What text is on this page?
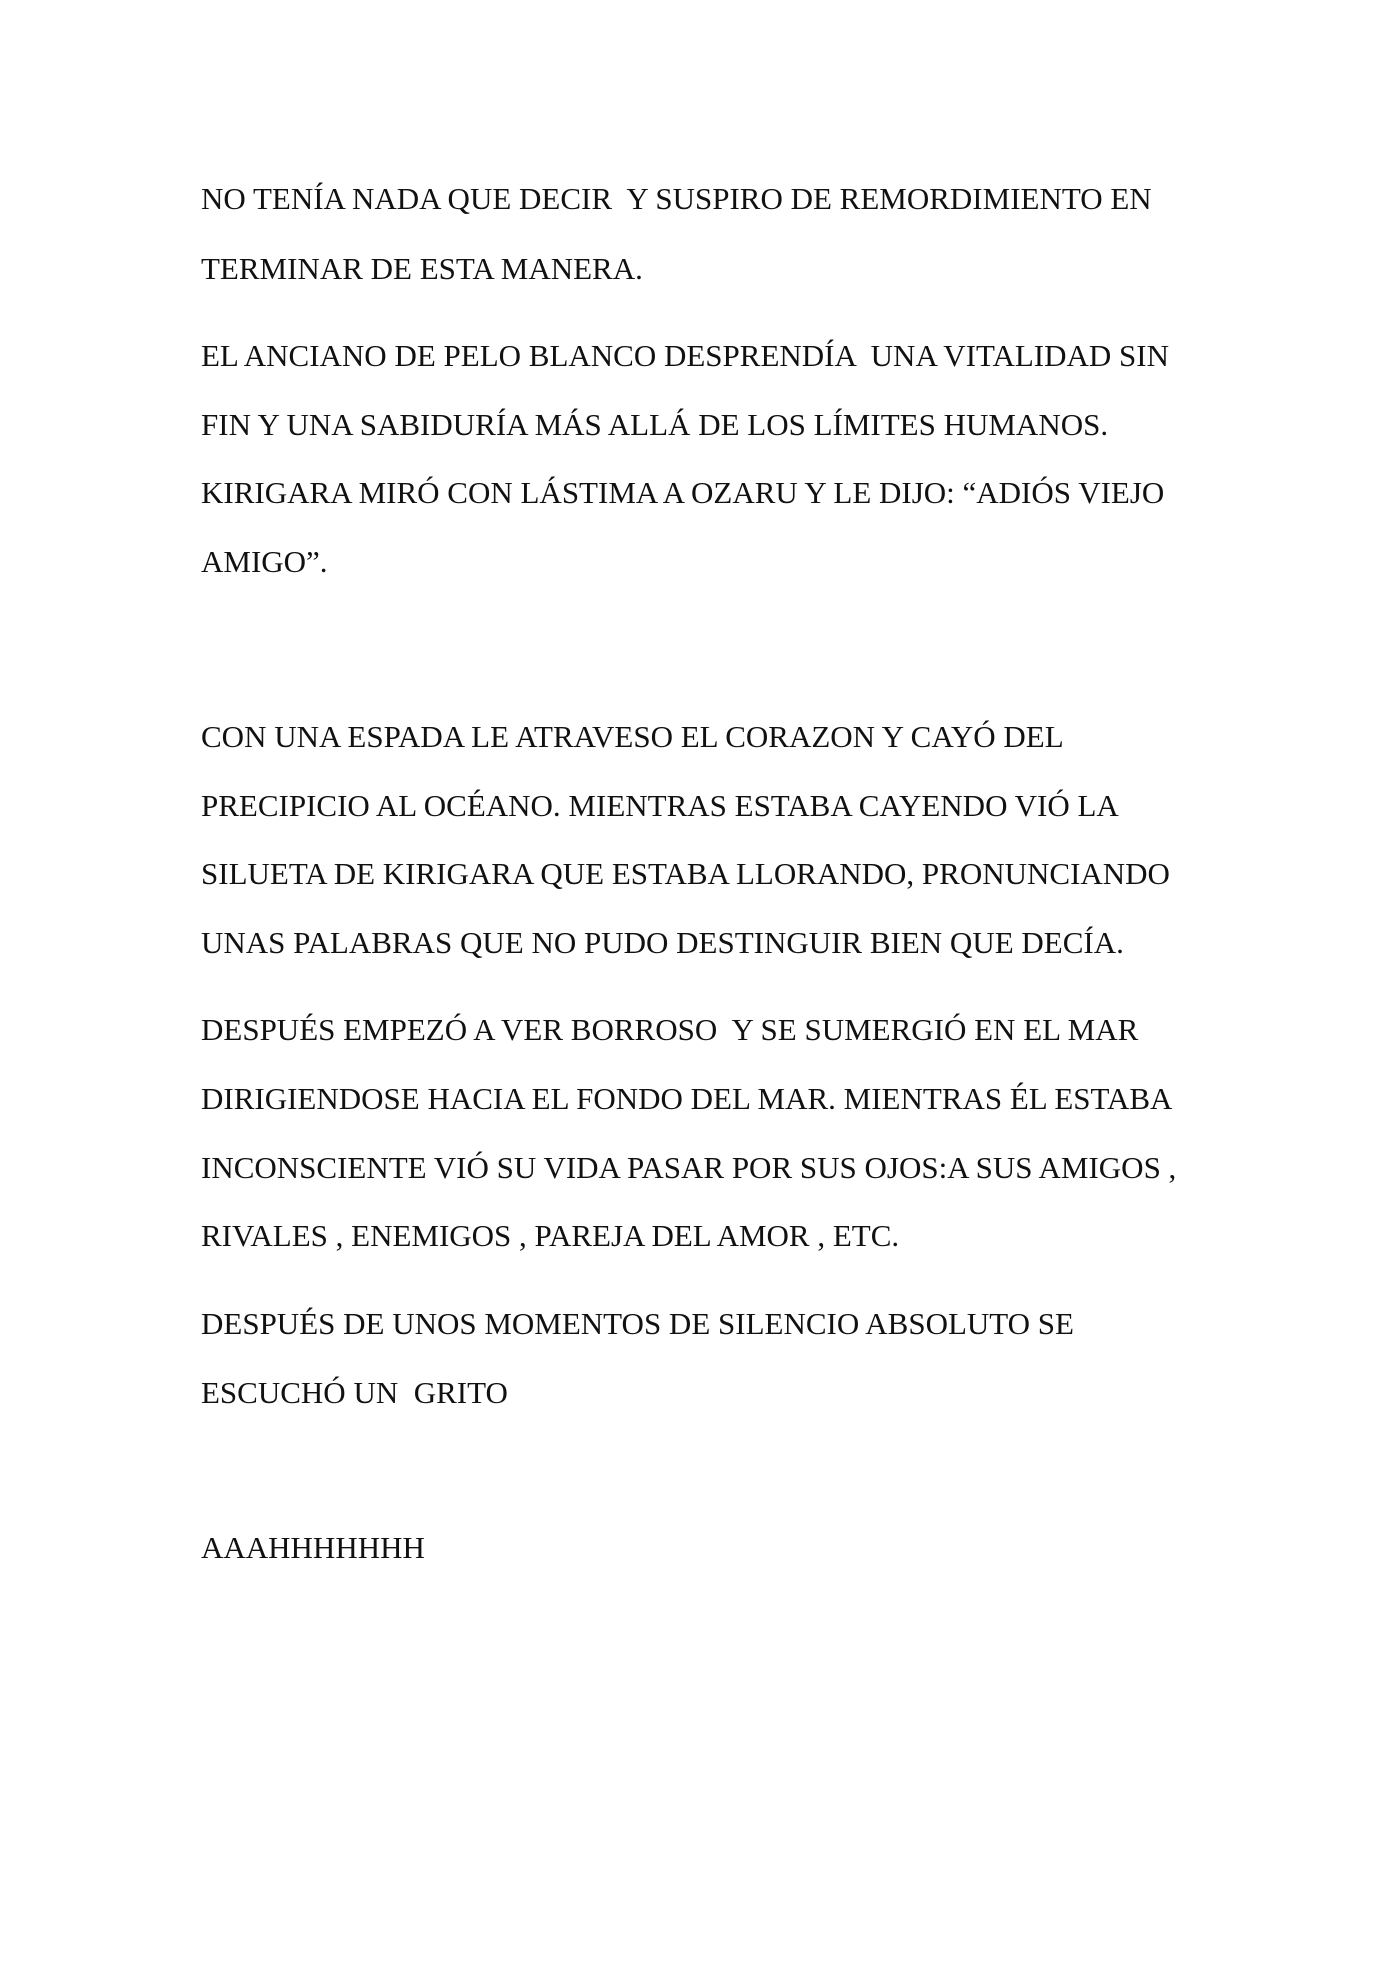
NO TENÍA NADA QUE DECIR  Y SUSPIRO DE REMORDIMIENTO EN

TERMINAR DE ESTA MANERA.

EL ANCIANO DE PELO BLANCO DESPRENDÍA  UNA VITALIDAD SIN

FIN Y UNA SABIDURÍA MÁS ALLÁ DE LOS LÍMITES HUMANOS.

KIRIGARA MIRÓ CON LÁSTIMA A OZARU Y LE DIJO: “ADIÓS VIEJO

AMIGO”.

CON UNA ESPADA LE ATRAVESO EL CORAZON Y CAYÓ DEL

PRECIPICIO AL OCÉANO. MIENTRAS ESTABA CAYENDO VIÓ LA

SILUETA DE KIRIGARA QUE ESTABA LLORANDO, PRONUNCIANDO

UNAS PALABRAS QUE NO PUDO DESTINGUIR BIEN QUE DECÍA.

DESPUÉS EMPEZÓ A VER BORROSO  Y SE SUMERGIÓ EN EL MAR

DIRIGIENDOSE HACIA EL FONDO DEL MAR. MIENTRAS ÉL ESTABA

INCONSCIENTE VIÓ SU VIDA PASAR POR SUS OJOS:A SUS AMIGOS ,

RIVALES , ENEMIGOS , PAREJA DEL AMOR , ETC.

DESPUÉS DE UNOS MOMENTOS DE SILENCIO ABSOLUTO SE

ESCUCHÓ UN  GRITO

AAAHHHHHHH
